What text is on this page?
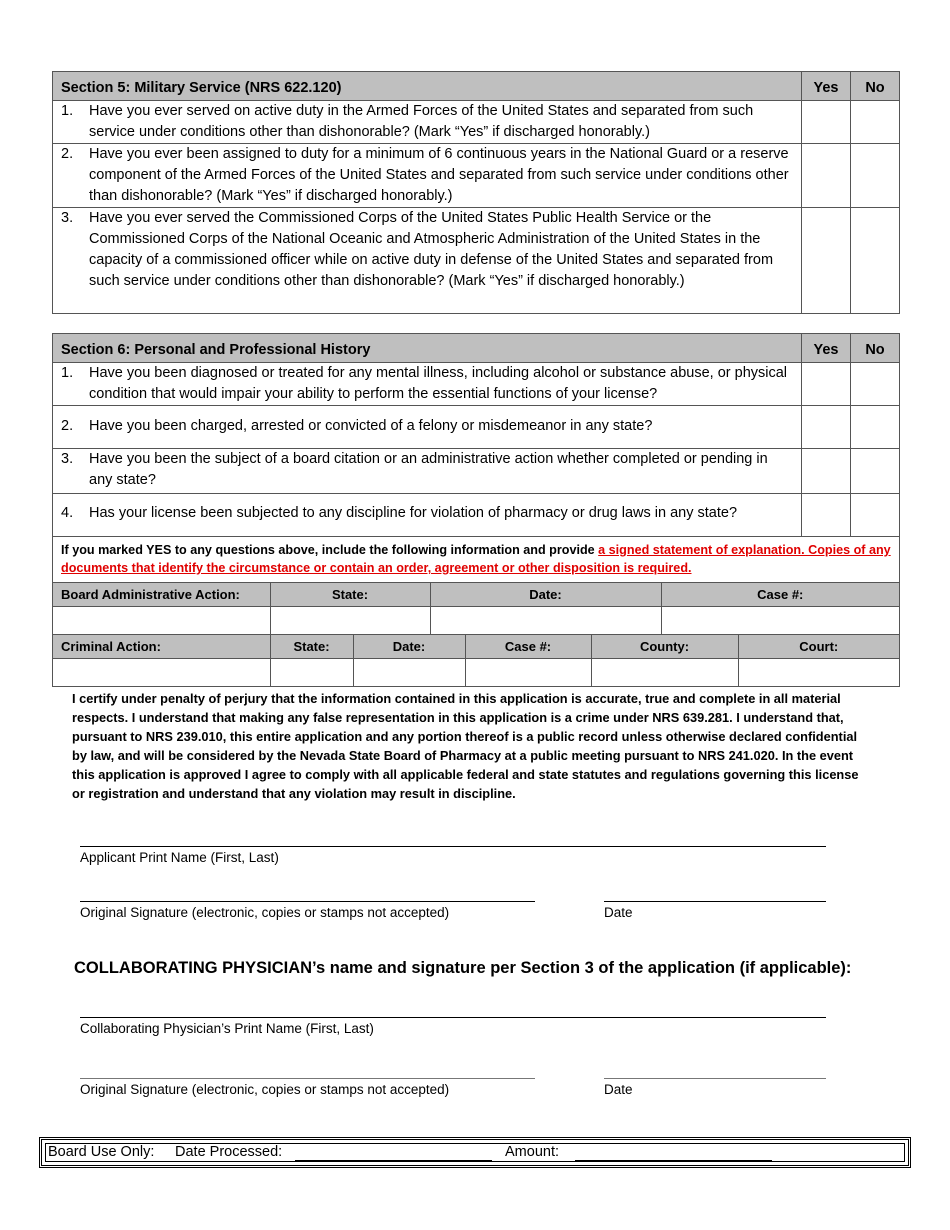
Section 5: Military Service (NRS 622.120)	Yes	No
1.	Have you ever served on active duty in the Armed Forces of the United States and separated from such service under conditions other than dishonorable? (Mark “Yes” if discharged honorably.)
2.	Have you ever been assigned to duty for a minimum of 6 continuous years in the National Guard or a reserve component of the Armed Forces of the United States and separated from such service under conditions other than dishonorable? (Mark “Yes” if discharged honorably.)
3.	Have you ever served the Commissioned Corps of the United States Public Health Service or the Commissioned Corps of the National Oceanic and Atmospheric Administration of the United States in the capacity of a commissioned officer while on active duty in defense of the United States and separated from such service under conditions other than dishonorable? (Mark “Yes” if discharged honorably.)
Section 6: Personal and Professional History	Yes	No
1.	Have you been diagnosed or treated for any mental illness, including alcohol or substance abuse, or physical condition that would impair your ability to perform the essential functions of your license?
2.	Have you been charged, arrested or convicted of a felony or misdemeanor in any state?
3.	Have you been the subject of a board citation or an administrative action whether completed or pending in any state?
4.	Has your license been subjected to any discipline for violation of pharmacy or drug laws in any state?
If you marked YES to any questions above, include the following information and provide a signed statement of explanation. Copies of any documents that identify the circumstance or contain an order, agreement or other disposition is required.
Board Administrative Action:	State:	Date:	Case #:

Criminal Action:	State:	Date:	Case #:	County:	Court:

I certify under penalty of perjury that the information contained in this application is accurate, true and complete in all material respects. I understand that making any false representation in this application is a crime under NRS 639.281. I understand that, pursuant to NRS 239.010, this entire application and any portion thereof is a public record unless otherwise declared confidential by law, and will be considered by the Nevada State Board of Pharmacy at a public meeting pursuant to NRS 241.020. In the event this application is approved I agree to comply with all applicable federal and state statutes and regulations governing this license or registration and understand that any violation may result in discipline.
Applicant Print Name (First, Last)
Original Signature (electronic, copies or stamps not accepted)	Date
COLLABORATING PHYSICIAN’s name and signature per Section 3 of the application (if applicable):
Collaborating Physician’s Print Name (First, Last)
Original Signature (electronic, copies or stamps not accepted)	Date
Board Use Only: Date Processed:	Amount:
